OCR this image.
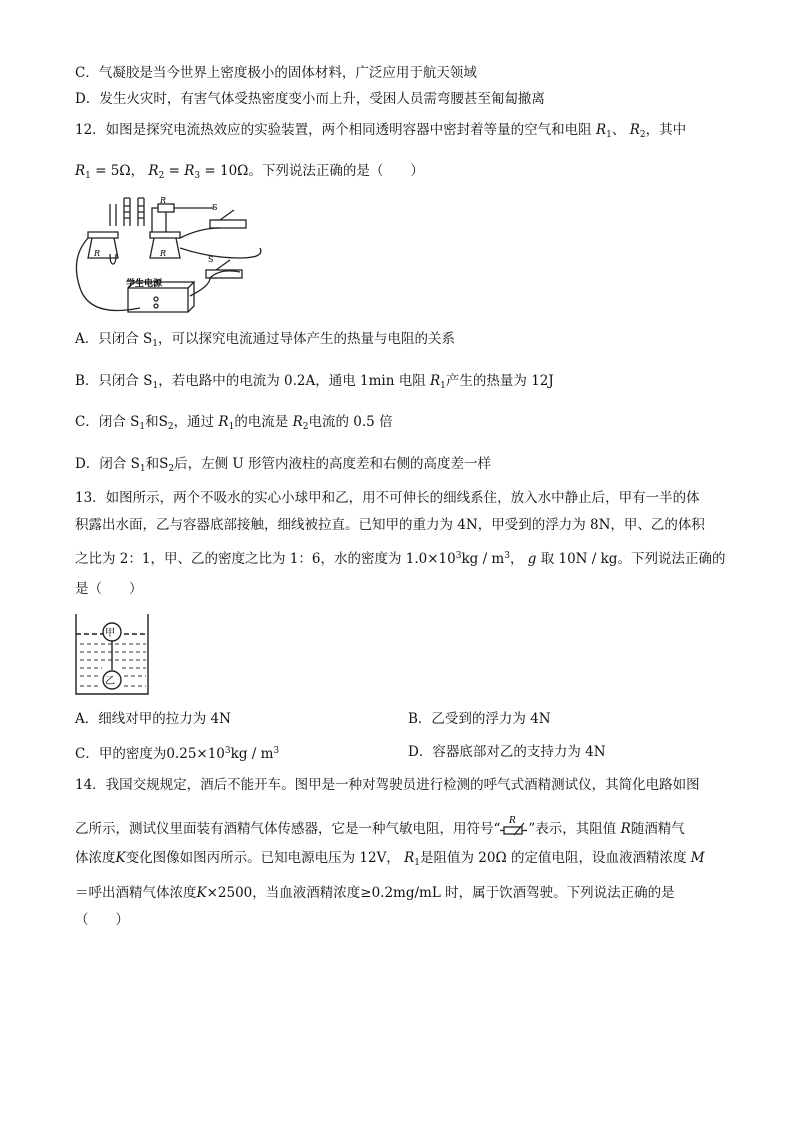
C．气凝胶是当今世界上密度极小的固体材料，广泛应用于航天领域
D．发生火灾时，有害气体受热密度变小而上升，受困人员需弯腰甚至匍匐撤离
12．如图是探究电流热效应的实验装置，两个相同透明容器中密封着等量的空气和电阻 $R_1$、 $R_2$，其中
$R_1 = 5\Omega$， $R_2 = R_3 = 10\Omega$。下列说法正确的是（　　）
学生电源
R	R
R
S
S
A．只闭合 $S_1$，可以探究电流通过导体产生的热量与电阻的关系
B．只闭合 $S_1$，若电路中的电流为 0.2A，通电 1min 电阻 $R_1$产生的热量为 12J
C．闭合 $S_1$和$S_2$，通过 $R_1$的电流是 $R_2$电流的 0.5 倍
D．闭合 $S_1$和$S_2$后，左侧 U 形管内液柱的高度差和右侧的高度差一样
13．如图所示，两个不吸水的实心小球甲和乙，用不可伸长的细线系住，放入水中静止后，甲有一半的体
积露出水面，乙与容器底部接触，细线被拉直。已知甲的重力为 4N，甲受到的浮力为 8N，甲、乙的体积
之比为 2：1，甲、乙的密度之比为 1：6，水的密度为 $1.0\times 10^3kg / m^3$， g 取 10N / kg。下列说法正确的
是（　　）
甲
乙
A．细线对甲的拉力为 4N	B．乙受到的浮力为 4N
C．甲的密度为$0.25\times 10^3kg / m^3$	D．容器底部对乙的支持力为 4N
14．我国交规规定，酒后不能开车。图甲是一种对驾驶员进行检测的呼气式酒精测试仪，其简化电路如图
乙所示，测试仪里面装有酒精气体传感器，它是一种气敏电阻，用符号“ R ”表示，其阻值 R随酒精气
体浓度K变化图像如图丙所示。已知电源电压为 12V， $R_1$是阻值为 20Ω 的定值电阻，设血液酒精浓度 M
＝呼出酒精气体浓度K×2500，当血液酒精浓度≥0.2mg/mL 时，属于饮酒驾驶。下列说法正确的是
（　　）
